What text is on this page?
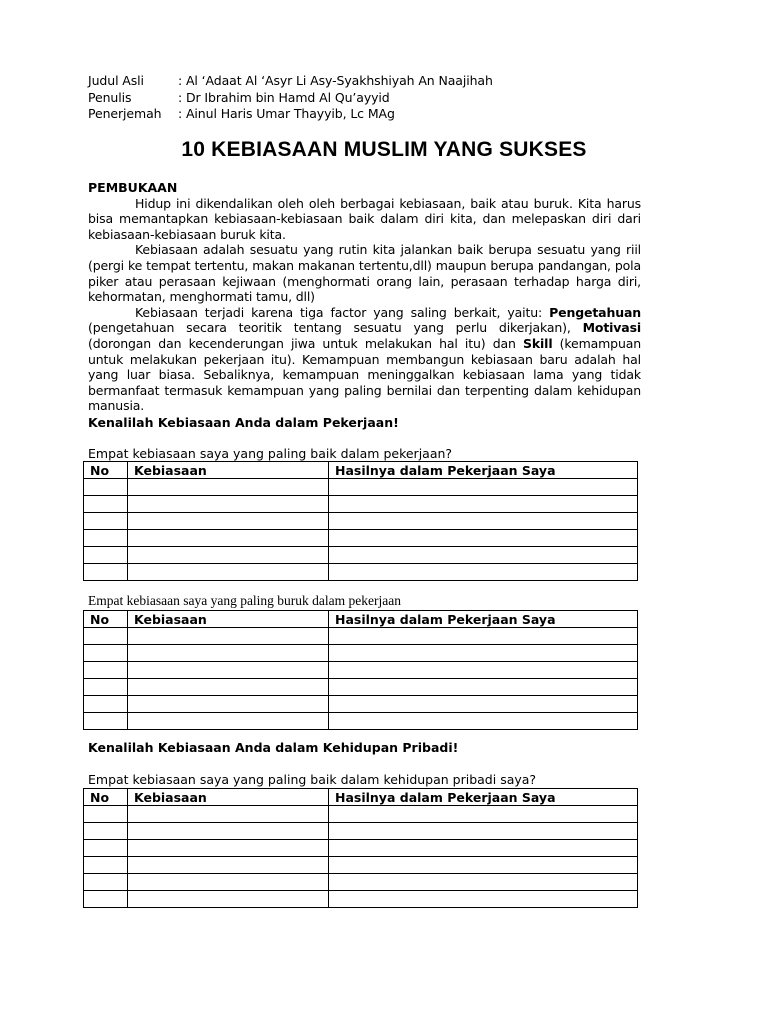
Judul Asli	: Al ‘Adaat Al ‘Asyr Li Asy-Syakhshiyah An Naajihah
Penulis	: Dr Ibrahim bin Hamd Al Qu’ayyid
Penerjemah	: Ainul Haris Umar Thayyib, Lc MAg
10 KEBIASAAN MUSLIM YANG SUKSES
PEMBUKAAN
Hidup ini dikendalikan oleh oleh berbagai kebiasaan, baik atau buruk. Kita harus bisa memantapkan kebiasaan-kebiasaan baik dalam diri kita, dan melepaskan diri dari kebiasaan-kebiasaan buruk kita.
Kebiasaan adalah sesuatu yang rutin kita jalankan baik berupa sesuatu yang riil (pergi ke tempat tertentu, makan makanan tertentu,dll) maupun berupa pandangan, pola piker atau perasaan kejiwaan (menghormati orang lain, perasaan terhadap harga diri, kehormatan, menghormati tamu, dll)
Kebiasaan terjadi karena tiga factor yang saling berkait, yaitu: Pengetahuan (pengetahuan secara teoritik tentang sesuatu yang perlu dikerjakan), Motivasi (dorongan dan kecenderungan jiwa untuk melakukan hal itu) dan Skill (kemampuan untuk melakukan pekerjaan itu). Kemampuan membangun kebiasaan baru adalah hal yang luar biasa. Sebaliknya, kemampuan meninggalkan kebiasaan lama yang tidak bermanfaat termasuk kemampuan yang paling bernilai dan terpenting dalam kehidupan manusia.
Kenalilah Kebiasaan Anda dalam Pekerjaan!
Empat kebiasaan saya yang paling baik dalam pekerjaan?
No	Kebiasaan	Hasilnya dalam Pekerjaan Saya

Empat kebiasaan saya yang paling buruk dalam pekerjaan
No	Kebiasaan	Hasilnya dalam Pekerjaan Saya

Kenalilah Kebiasaan Anda dalam Kehidupan Pribadi!
Empat kebiasaan saya yang paling baik dalam kehidupan pribadi saya?
No	Kebiasaan	Hasilnya dalam Pekerjaan Saya
